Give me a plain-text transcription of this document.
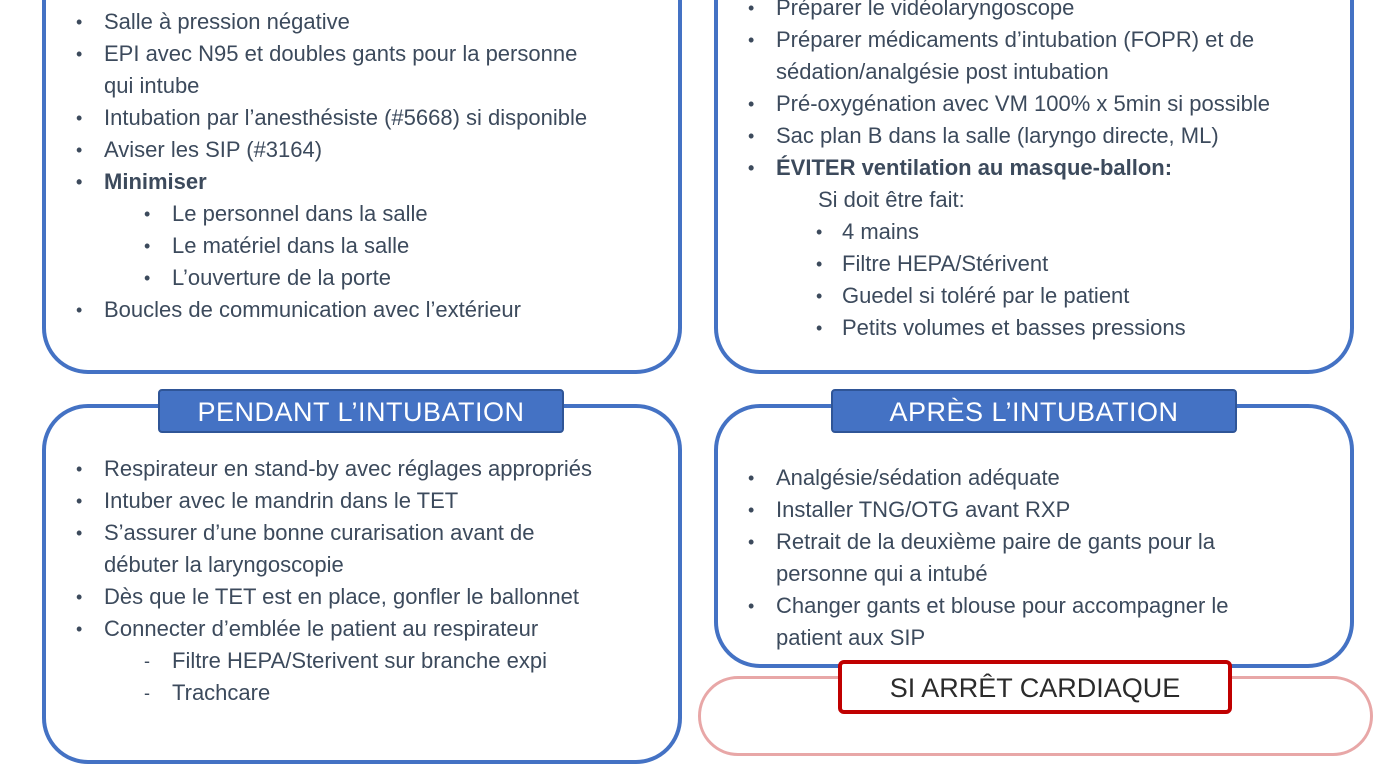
• Salle à pression négative
• EPI avec N95 et doubles gants pour la personne
qui intube
• Intubation par l’anesthésiste (#5668) si disponible
• Aviser les SIP (#3164)
• Minimiser
• Le personnel dans la salle
• Le matériel dans la salle
• L’ouverture de la porte
• Boucles de communication avec l’extérieur
• Préparer le vidéolaryngoscope
• Préparer médicaments d’intubation (FOPR) et de
sédation/analgésie post intubation
• Pré-oxygénation avec VM 100% x 5min si possible
• Sac plan B dans la salle (laryngo directe, ML)
• ÉVITER ventilation au masque-ballon:
Si doit être fait:
• 4 mains
• Filtre HEPA/Stérivent
• Guedel si toléré par le patient
• Petits volumes et basses pressions
PENDANT L’INTUBATION
• Respirateur en stand-by avec réglages appropriés
• Intuber avec le mandrin dans le TET
• S’assurer d’une bonne curarisation avant de
débuter la laryngoscopie
• Dès que le TET est en place, gonfler le ballonnet
• Connecter d’emblée le patient au respirateur
- Filtre HEPA/Sterivent sur branche expi
- Trachcare
APRÈS L’INTUBATION
• Analgésie/sédation adéquate
• Installer TNG/OTG avant RXP
• Retrait de la deuxième paire de gants pour la
personne qui a intubé
• Changer gants et blouse pour accompagner le
patient aux SIP
SI ARRÊT CARDIAQUE
